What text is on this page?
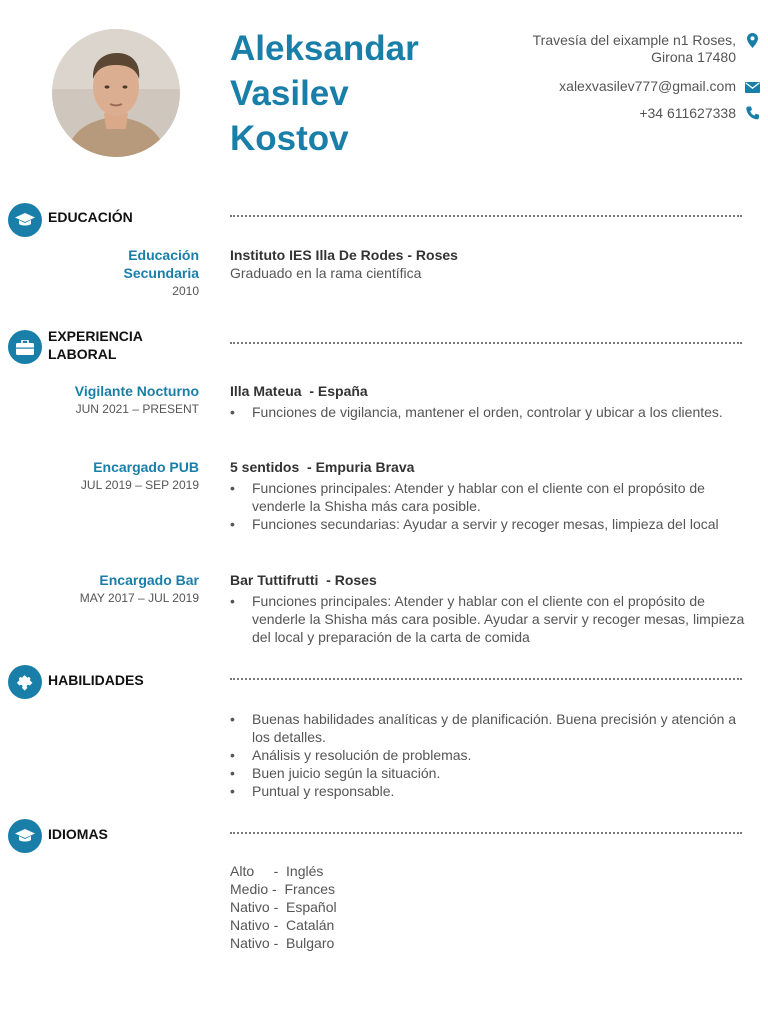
Aleksandar
Vasilev
Kostov
Travesía del eixample n1 Roses,
Girona 17480
xalexvasilev777@gmail.com
+34 611627338
EDUCACIÓN
Educación
Secundaria
2010
Instituto IES Illa De Rodes - Roses
Graduado en la rama científica
EXPERIENCIA
LABORAL
Vigilante Nocturno
JUN 2021 – PRESENT
Illa Mateua  - España
• Funciones de vigilancia, mantener el orden, controlar y ubicar a los clientes.
Encargado PUB
JUL 2019 – SEP 2019
5 sentidos  - Empuria Brava
• Funciones principales: Atender y hablar con el cliente con el propósito de venderle la Shisha más cara posible.
• Funciones secundarias: Ayudar a servir y recoger mesas, limpieza del local
Encargado Bar
MAY 2017 – JUL 2019
Bar Tuttifrutti  - Roses
• Funciones principales: Atender y hablar con el cliente con el propósito de venderle la Shisha más cara posible. Ayudar a servir y recoger mesas, limpieza del local y preparación de la carta de comida
HABILIDADES
• Buenas habilidades analíticas y de planificación. Buena precisión y atención a los detalles.
• Análisis y resolución de problemas.
• Buen juicio según la situación.
• Puntual y responsable.
IDIOMAS
Alto     -  Inglés
Medio -  Frances
Nativo -  Español
Nativo -  Catalán
Nativo -  Bulgaro
